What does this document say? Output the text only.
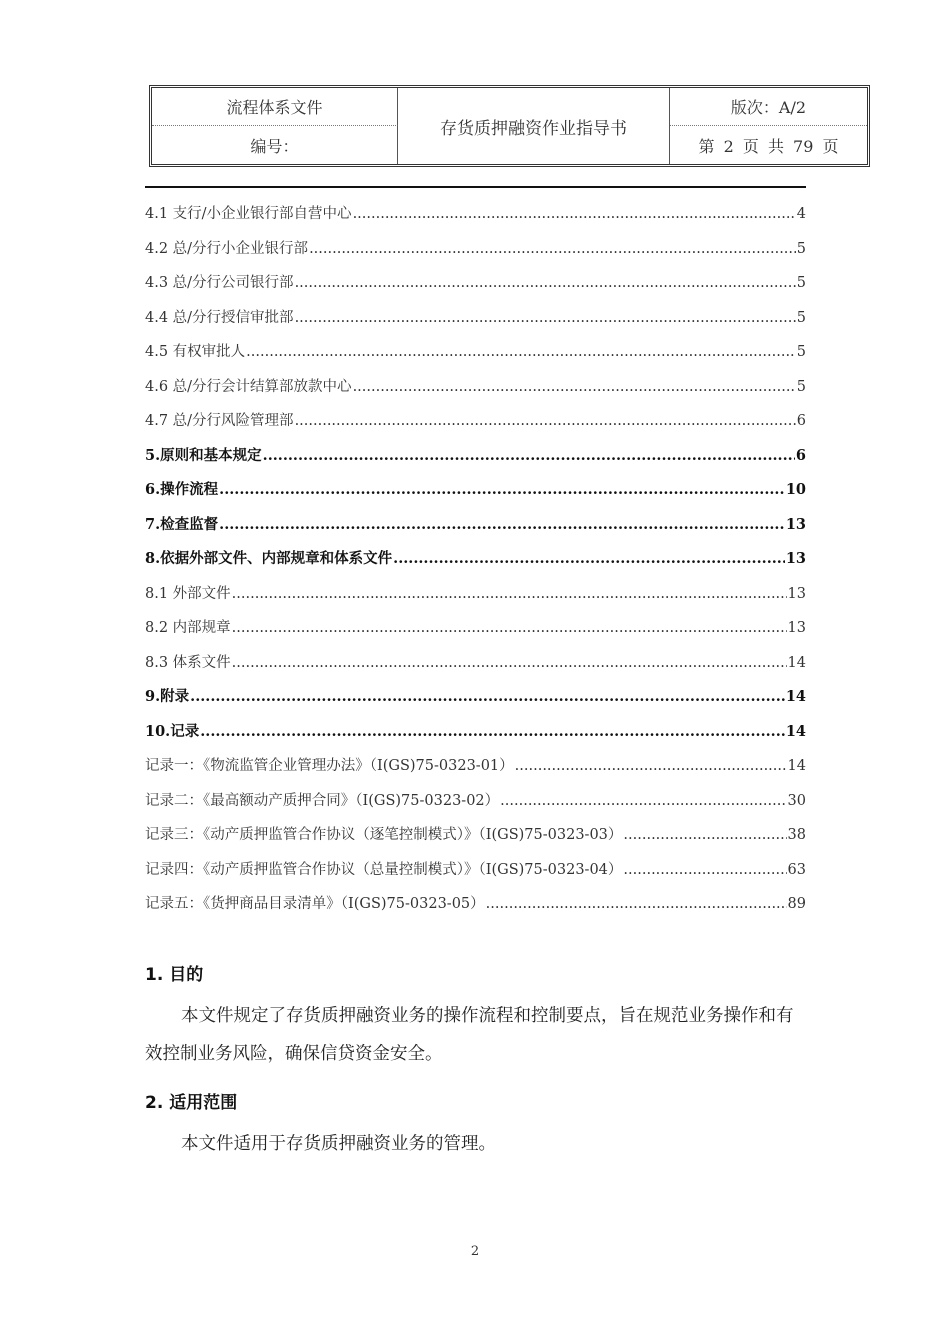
流程体系文件
编号：
存货质押融资作业指导书
版次：A/2
第 2 页 共 79 页
4.1 支行/小企业银行部自营中心 .....	4
4.2 总/分行小企业银行部 .....	5
4.3 总/分行公司银行部 .....	5
4.4 总/分行授信审批部 .....	5
4.5 有权审批人 .....	5
4.6 总/分行会计结算部放款中心 .....	5
4.7 总/分行风险管理部 .....	6
5.原则和基本规定 .....	6
6.操作流程 .....	10
7.检查监督 .....	13
8.依据外部文件、内部规章和体系文件 .....	13
8.1 外部文件 .....	13
8.2 内部规章 .....	13
8.3 体系文件 .....	14
9.附录 .....	14
10.记录 .....	14
记录一：《物流监管企业管理办法》（I(GS)75-0323-01） .....	14
记录二：《最高额动产质押合同》（I(GS)75-0323-02） .....	30
记录三：《动产质押监管合作协议（逐笔控制模式）》（I(GS)75-0323-03） .....	38
记录四：《动产质押监管合作协议（总量控制模式）》（I(GS)75-0323-04） .....	63
记录五：《货押商品目录清单》（I(GS)75-0323-05） .....	89
1. 目的
本文件规定了存货质押融资业务的操作流程和控制要点，旨在规范业务操作和有效控制业务风险，确保信贷资金安全。
2. 适用范围
本文件适用于存货质押融资业务的管理。
2
